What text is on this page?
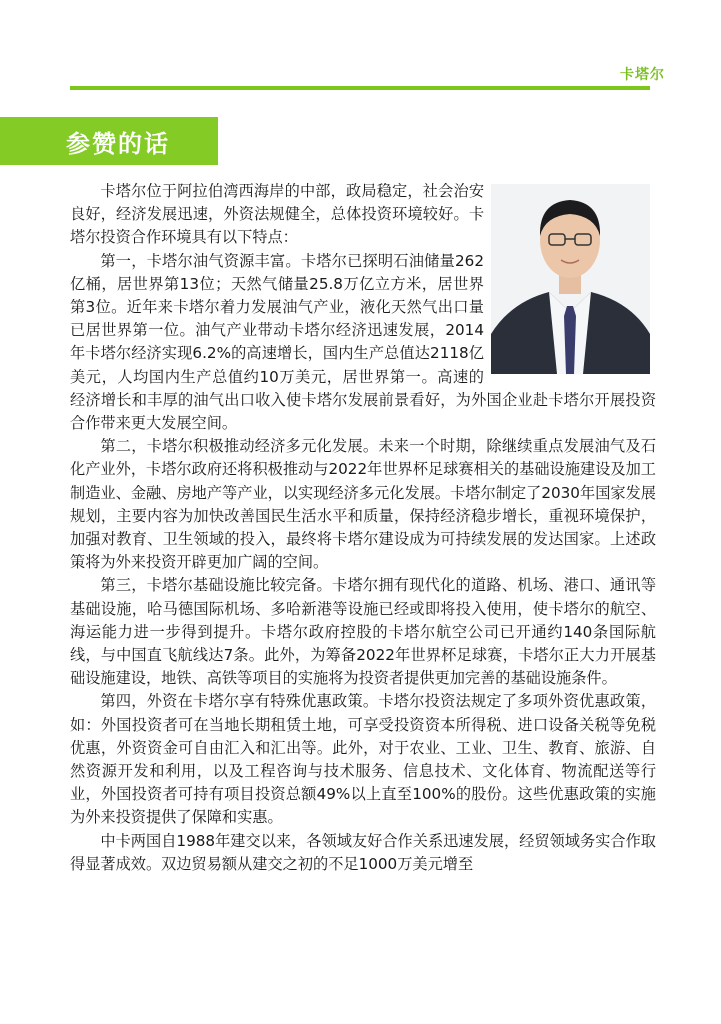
卡塔尔
参赞的话

卡塔尔位于阿拉伯湾西海岸的中部，政局稳定，社会治安良好，经济发展迅速，外资法规健全，总体投资环境较好。卡塔尔投资合作环境具有以下特点：

第一，卡塔尔油气资源丰富。卡塔尔已探明石油储量262亿桶，居世界第13位；天然气储量25.8万亿立方米，居世界第3位。近年来卡塔尔着力发展油气产业，液化天然气出口量已居世界第一位。油气产业带动卡塔尔经济迅速发展，2014年卡塔尔经济实现6.2%的高速增长，国内生产总值达2118亿美元，人均国内生产总值约10万美元，居世界第一。高速的经济增长和丰厚的油气出口收入使卡塔尔发展前景看好，为外国企业赴卡塔尔开展投资合作带来更大发展空间。

第二，卡塔尔积极推动经济多元化发展。未来一个时期，除继续重点发展油气及石化产业外，卡塔尔政府还将积极推动与2022年世界杯足球赛相关的基础设施建设及加工制造业、金融、房地产等产业，以实现经济多元化发展。卡塔尔制定了2030年国家发展规划，主要内容为加快改善国民生活水平和质量，保持经济稳步增长，重视环境保护，加强对教育、卫生领域的投入，最终将卡塔尔建设成为可持续发展的发达国家。上述政策将为外来投资开辟更加广阔的空间。

第三，卡塔尔基础设施比较完备。卡塔尔拥有现代化的道路、机场、港口、通讯等基础设施，哈马德国际机场、多哈新港等设施已经或即将投入使用，使卡塔尔的航空、海运能力进一步得到提升。卡塔尔政府控股的卡塔尔航空公司已开通约140条国际航线，与中国直飞航线达7条。此外，为筹备2022年世界杯足球赛，卡塔尔正大力开展基础设施建设，地铁、高铁等项目的实施将为投资者提供更加完善的基础设施条件。

第四，外资在卡塔尔享有特殊优惠政策。卡塔尔投资法规定了多项外资优惠政策，如：外国投资者可在当地长期租赁土地，可享受投资资本所得税、进口设备关税等免税优惠，外资资金可自由汇入和汇出等。此外，对于农业、工业、卫生、教育、旅游、自然资源开发和利用，以及工程咨询与技术服务、信息技术、文化体育、物流配送等行业，外国投资者可持有项目投资总额49%以上直至100%的股份。这些优惠政策的实施为外来投资提供了保障和实惠。

中卡两国自1988年建交以来，各领域友好合作关系迅速发展，经贸领域务实合作取得显著成效。双边贸易额从建交之初的不足1000万美元增至
